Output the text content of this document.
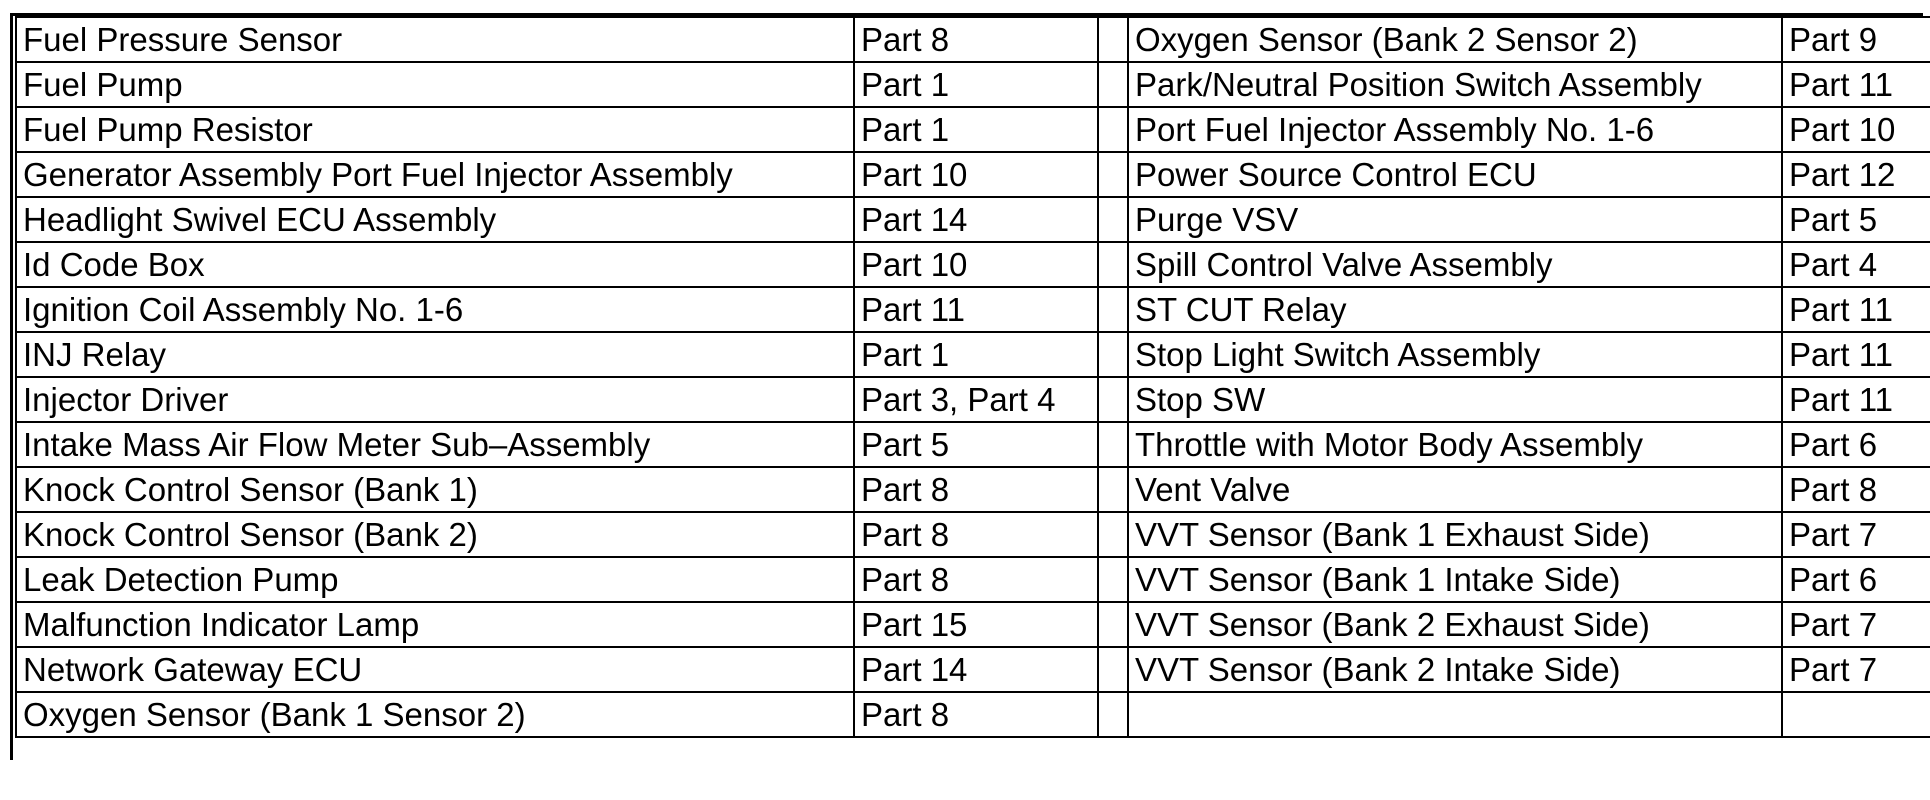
Fuel Pressure Sensor	Part 8		Oxygen Sensor (Bank 2 Sensor 2)	Part 9
Fuel Pump	Part 1		Park/Neutral Position Switch Assembly	Part 11
Fuel Pump Resistor	Part 1		Port Fuel Injector Assembly No. 1-6	Part 10
Generator Assembly Port Fuel Injector Assembly	Part 10		Power Source Control ECU	Part 12
Headlight Swivel ECU Assembly	Part 14		Purge VSV	Part 5
Id Code Box	Part 10		Spill Control Valve Assembly	Part 4
Ignition Coil Assembly No. 1-6	Part 11		ST CUT Relay	Part 11
INJ Relay	Part 1		Stop Light Switch Assembly	Part 11
Injector Driver	Part 3, Part 4		Stop SW	Part 11
Intake Mass Air Flow Meter Sub–Assembly	Part 5		Throttle with Motor Body Assembly	Part 6
Knock Control Sensor (Bank 1)	Part 8		Vent Valve	Part 8
Knock Control Sensor (Bank 2)	Part 8		VVT Sensor (Bank 1 Exhaust Side)	Part 7
Leak Detection Pump	Part 8		VVT Sensor (Bank 1 Intake Side)	Part 6
Malfunction Indicator Lamp	Part 15		VVT Sensor (Bank 2 Exhaust Side)	Part 7
Network Gateway ECU	Part 14		VVT Sensor (Bank 2 Intake Side)	Part 7
Oxygen Sensor (Bank 1 Sensor 2)	Part 8			
